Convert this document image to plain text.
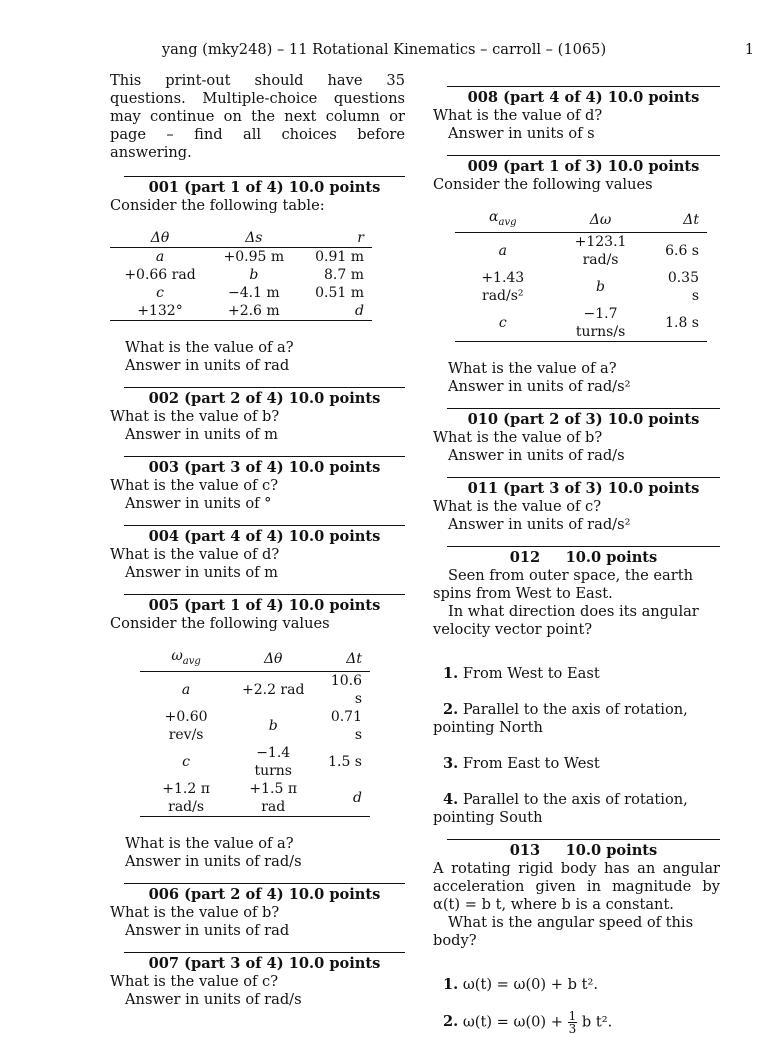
yang (mky248) – 11 Rotational Kinematics – carroll – (1065)	1
This print-out should have 35 questions. Multiple-choice questions may continue on the next column or page – find all choices before answering.
001 (part 1 of 4) 10.0 points
Consider the following table:
Δθ	Δs	r
a	+0.95 m	0.91 m
+0.66 rad	b	8.7 m
c	−4.1 m	0.51 m
+132°	+2.6 m	d
What is the value of a?
Answer in units of rad
002 (part 2 of 4) 10.0 points
What is the value of b?
Answer in units of m
003 (part 3 of 4) 10.0 points
What is the value of c?
Answer in units of °
004 (part 4 of 4) 10.0 points
What is the value of d?
Answer in units of m
005 (part 1 of 4) 10.0 points
Consider the following values
$\omega_{avg}$	Δθ	Δt
a	+2.2 rad	10.6 s
+0.60 rev/s	b	0.71 s
c	−1.4 turns	1.5 s
+1.2 π rad/s	+1.5 π rad	d
What is the value of a?
Answer in units of rad/s
006 (part 2 of 4) 10.0 points
What is the value of b?
Answer in units of rad
007 (part 3 of 4) 10.0 points
What is the value of c?
Answer in units of rad/s
008 (part 4 of 4) 10.0 points
What is the value of d?
Answer in units of s
009 (part 1 of 3) 10.0 points
Consider the following values
$\alpha_{avg}$	Δω	Δt
a	+123.1 rad/s	6.6 s
+1.43 rad/s²	b	0.35 s
c	−1.7 turns/s	1.8 s
What is the value of a?
Answer in units of rad/s²
010 (part 2 of 3) 10.0 points
What is the value of b?
Answer in units of rad/s
011 (part 3 of 3) 10.0 points
What is the value of c?
Answer in units of rad/s²
012     10.0 points
Seen from outer space, the earth spins from West to East.
In what direction does its angular velocity vector point?
1. From West to East
2. Parallel to the axis of rotation, pointing North
3. From East to West
4. Parallel to the axis of rotation, pointing South
013     10.0 points
A rotating rigid body has an angular acceleration given in magnitude by α(t) = b t, where b is a constant.
What is the angular speed of this body?
1. ω(t) = ω(0) + b t².
2. $\omega(t) = \omega(0) + \frac{1}{3}$ b t².
